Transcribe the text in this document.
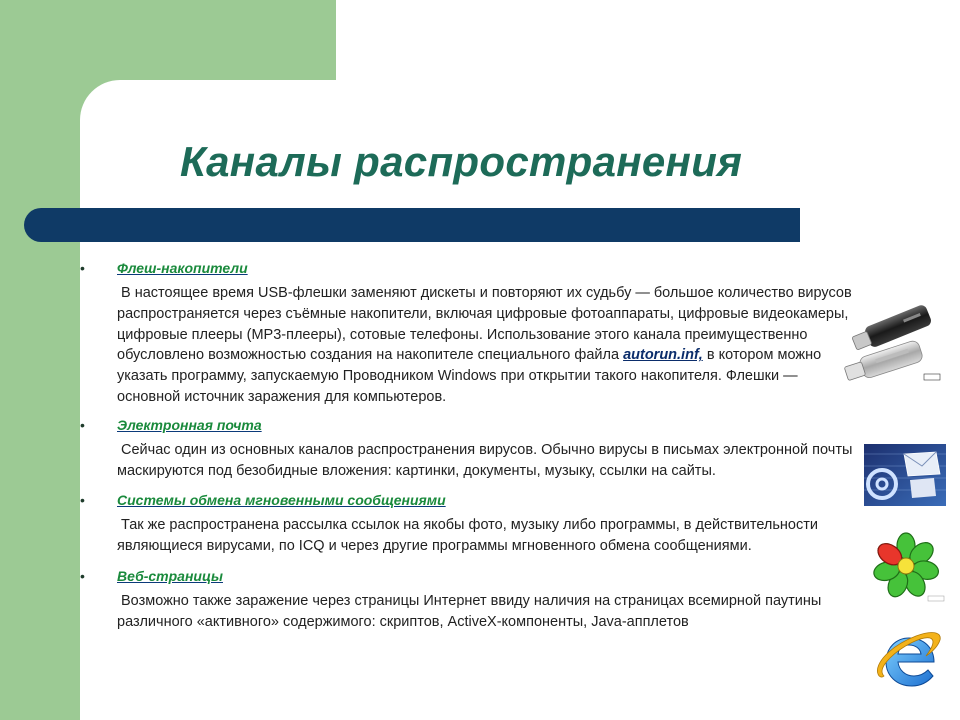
Каналы распространения
• Флеш-накопители

В настоящее время USB-флешки заменяют дискеты и повторяют их судьбу — большое количество вирусов распространяется через съёмные накопители, включая цифровые фотоаппараты, цифровые видеокамеры, цифровые плееры (MP3-плееры), сотовые телефоны. Использование этого канала преимущественно обусловлено возможностью создания на накопителе специального файла autorun.inf, в котором можно указать программу, запускаемую Проводником Windows при открытии такого накопителя. Флешки — основной источник заражения для компьютеров.

• Электронная почта

Сейчас один из основных каналов распространения вирусов. Обычно вирусы в письмах электронной почты маскируются под безобидные вложения: картинки, документы, музыку, ссылки на сайты.

• Системы обмена мгновенными сообщениями

Так же распространена рассылка ссылок на якобы фото, музыку либо программы, в действительности являющиеся вирусами, по ICQ и через другие программы мгновенного обмена сообщениями.

• Веб-страницы

Возможно также заражение через страницы Интернет ввиду наличия на страницах всемирной паутины различного «активного» содержимого: скриптов, ActiveX-компоненты, Java-апплетов
